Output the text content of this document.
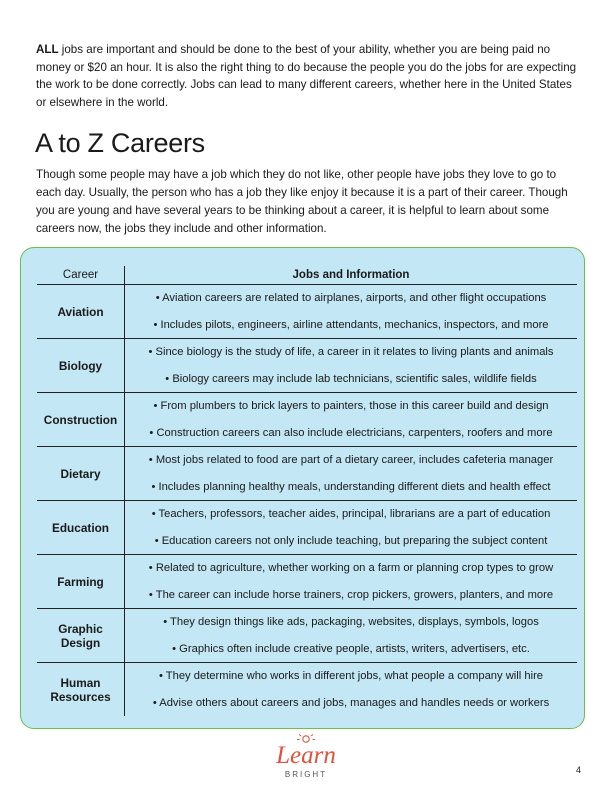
ALL jobs are important and should be done to the best of your ability, whether you are being paid no money or $20 an hour. It is also the right thing to do because the people you do the jobs for are expecting the work to be done correctly. Jobs can lead to many different careers, whether here in the United States or elsewhere in the world.
A to Z Careers
Though some people may have a job which they do not like, other people have jobs they love to go to each day. Usually, the person who has a job they like enjoy it because it is a part of their career. Though you are young and have several years to be thinking about a career, it is helpful to learn about some careers now, the jobs they include and other information.
Career	Jobs and Information
Aviation	• Aviation careers are related to airplanes, airports, and other flight occupations
• Includes pilots, engineers, airline attendants, mechanics, inspectors, and more

Biology	• Since biology is the study of life, a career in it relates to living plants and animals
• Biology careers may include lab technicians, scientific sales, wildlife fields

Construction	• From plumbers to brick layers to painters, those in this career build and design
• Construction careers can also include electricians, carpenters, roofers and more

Dietary	• Most jobs related to food are part of a dietary career, includes cafeteria manager
• Includes planning healthy meals, understanding different diets and health effect

Education	• Teachers, professors, teacher aides, principal, librarians are a part of education
• Education careers not only include teaching, but preparing the subject content

Farming	• Related to agriculture, whether working on a farm or planning crop types to grow
• The career can include horse trainers, crop pickers, growers, planters, and more

Graphic Design	• They design things like ads, packaging, websites, displays, symbols, logos
• Graphics often include creative people, artists, writers, advertisers, etc.

Human Resources	• They determine who works in different jobs, what people a company will hire
• Advise others about careers and jobs, manages and handles needs or workers
Learn
BRIGHT	4
